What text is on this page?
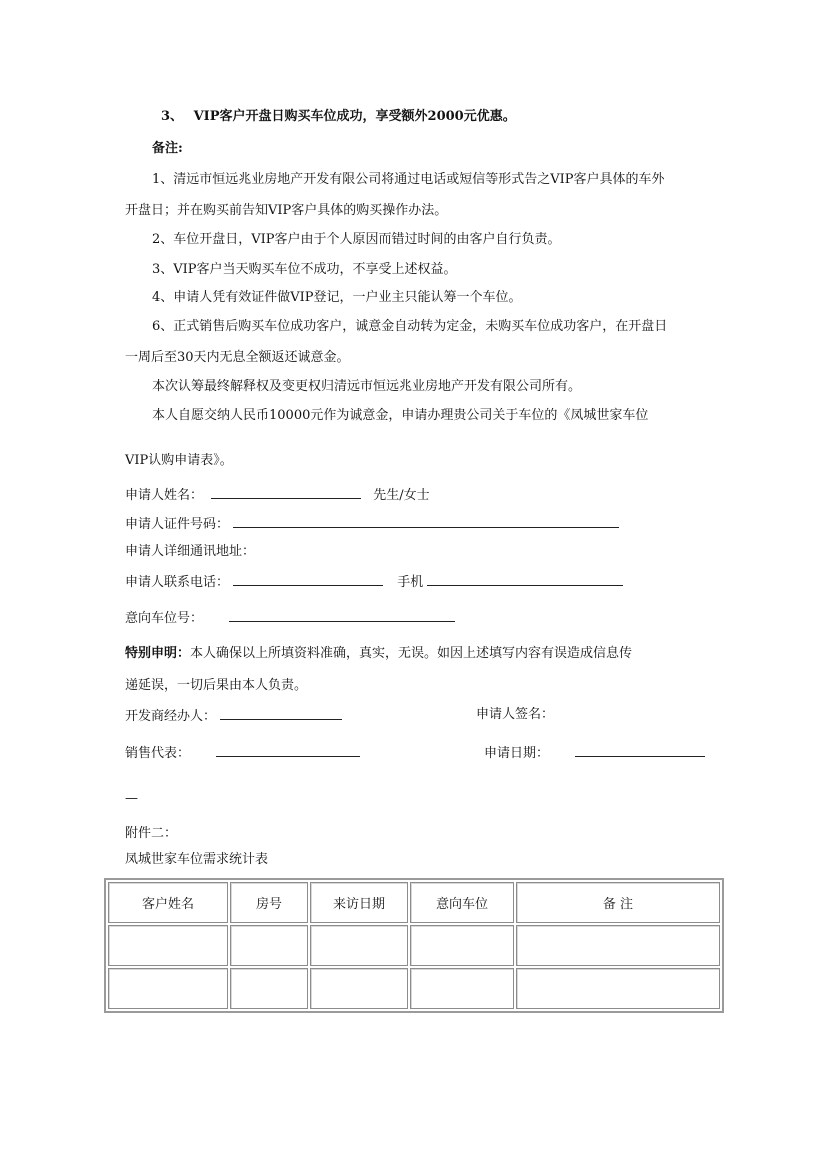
3、 VIP客户开盘日购买车位成功，享受额外2000元优惠。
备注:
1、清远市恒远兆业房地产开发有限公司将通过电话或短信等形式告之VIP客户具体的车外
开盘日；并在购买前告知VIP客户具体的购买操作办法。
2、车位开盘日，VIP客户由于个人原因而错过时间的由客户自行负责。
3、VIP客户当天购买车位不成功，不享受上述权益。
4、申请人凭有效证件做VIP登记，一户业主只能认筹一个车位。
6、正式销售后购买车位成功客户，诚意金自动转为定金，未购买车位成功客户，在开盘日
一周后至30天内无息全额返还诚意金。
本次认筹最终解释权及变更权归清远市恒远兆业房地产开发有限公司所有。
本人自愿交纳人民币10000元作为诚意金，申请办理贵公司关于车位的《凤城世家车位
VIP认购申请表》。
申请人姓名：	先生/女士
申请人证件号码：
申请人详细通讯地址：
申请人联系电话：	手机
意向车位号：
特别申明：本人确保以上所填资料准确，真实，无误。如因上述填写内容有误造成信息传
递延误，一切后果由本人负责。
开发商经办人：	申请人签名：
销售代表：	申请日期：
—
附件二：
凤城世家车位需求统计表
客户姓名	房号	来访日期	意向车位	备 注
